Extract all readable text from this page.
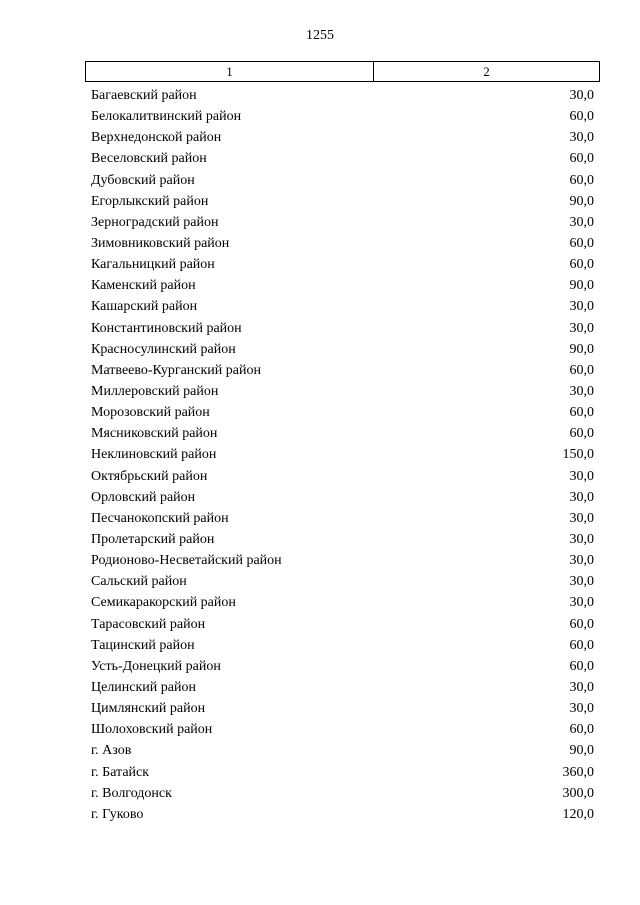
1255
1	2
Багаевский район	30,0
Белокалитвинский район	60,0
Верхнедонской район	30,0
Веселовский район	60,0
Дубовский район	60,0
Егорлыкский район	90,0
Зерноградский район	30,0
Зимовниковский район	60,0
Кагальницкий район	60,0
Каменский район	90,0
Кашарский район	30,0
Константиновский район	30,0
Красносулинский район	90,0
Матвеево-Курганский район	60,0
Миллеровский район	30,0
Морозовский район	60,0
Мясниковский район	60,0
Неклиновский район	150,0
Октябрьский район	30,0
Орловский район	30,0
Песчанокопский район	30,0
Пролетарский район	30,0
Родионово-Несветайский район	30,0
Сальский район	30,0
Семикаракорский район	30,0
Тарасовский район	60,0
Тацинский район	60,0
Усть-Донецкий район	60,0
Целинский район	30,0
Цимлянский район	30,0
Шолоховский район	60,0
г. Азов	90,0
г. Батайск	360,0
г. Волгодонск	300,0
г. Гуково	120,0
